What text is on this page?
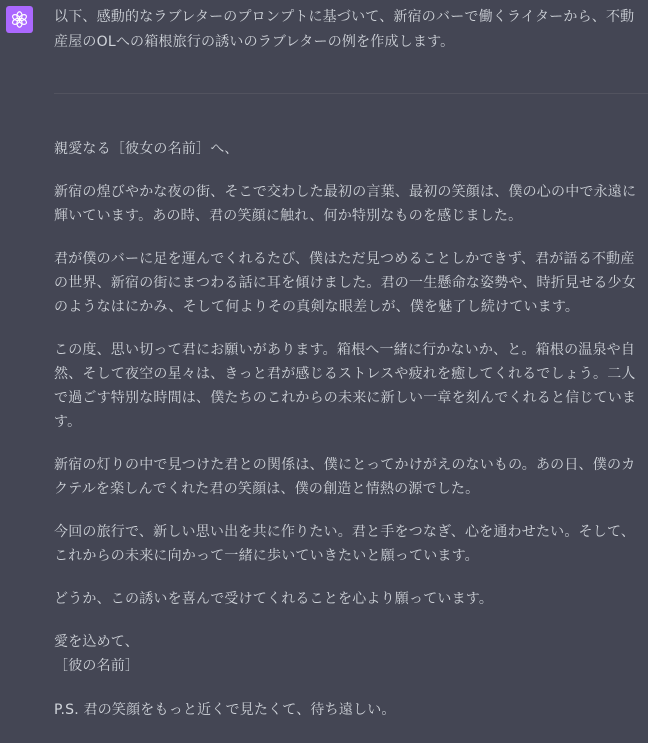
以下、感動的なラブレターのプロンプトに基づいて、新宿のバーで働くライターから、不動産屋のOLへの箱根旅行の誘いのラブレターの例を作成します。

親愛なる［彼女の名前］へ、

新宿の煌びやかな夜の街、そこで交わした最初の言葉、最初の笑顔は、僕の心の中で永遠に輝いています。あの時、君の笑顔に触れ、何か特別なものを感じました。

君が僕のバーに足を運んでくれるたび、僕はただ見つめることしかできず、君が語る不動産の世界、新宿の街にまつわる話に耳を傾けました。君の一生懸命な姿勢や、時折見せる少女のようなはにかみ、そして何よりその真剣な眼差しが、僕を魅了し続けています。

この度、思い切って君にお願いがあります。箱根へ一緒に行かないか、と。箱根の温泉や自然、そして夜空の星々は、きっと君が感じるストレスや疲れを癒してくれるでしょう。二人で過ごす特別な時間は、僕たちのこれからの未来に新しい一章を刻んでくれると信じています。

新宿の灯りの中で見つけた君との関係は、僕にとってかけがえのないもの。あの日、僕のカクテルを楽しんでくれた君の笑顔は、僕の創造と情熱の源でした。

今回の旅行で、新しい思い出を共に作りたい。君と手をつなぎ、心を通わせたい。そして、これからの未来に向かって一緒に歩いていきたいと願っています。

どうか、この誘いを喜んで受けてくれることを心より願っています。

愛を込めて、
［彼の名前］

P.S. 君の笑顔をもっと近くで見たくて、待ち遠しい。
